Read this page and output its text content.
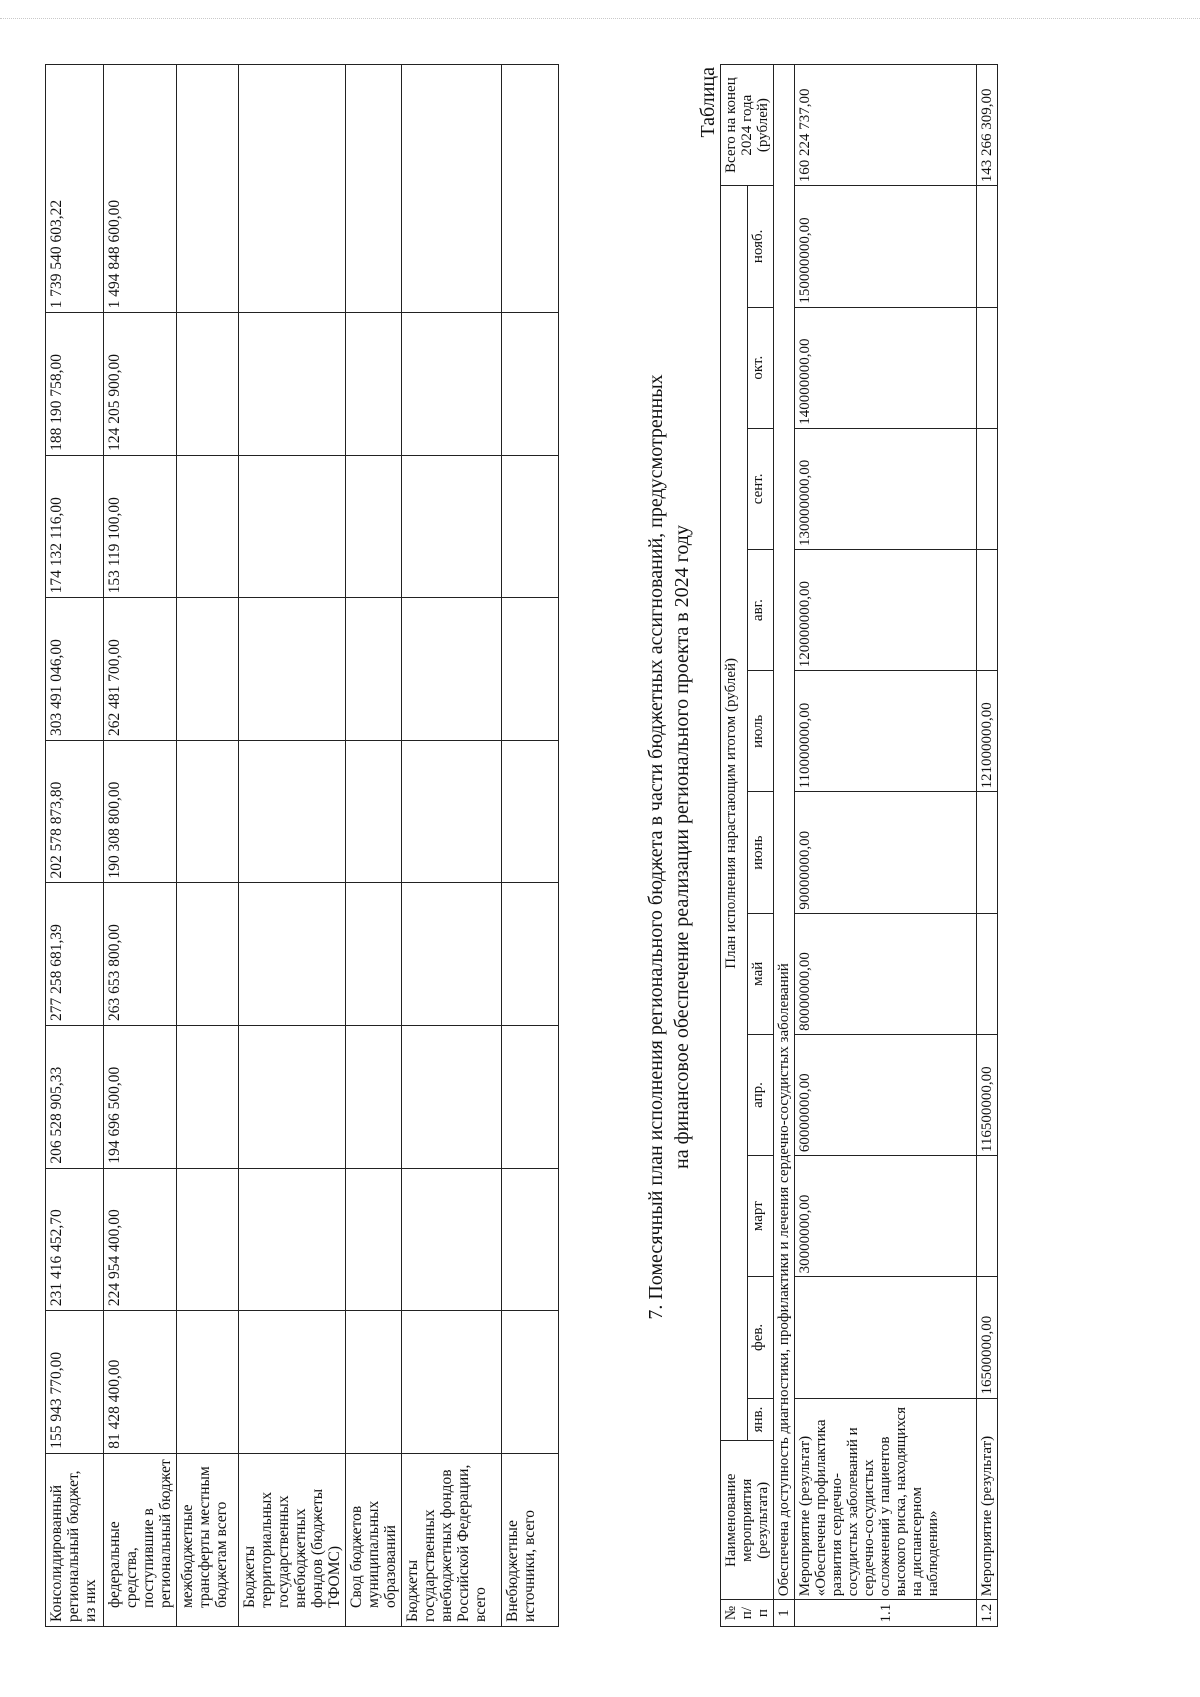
Консолидированный региональный бюджет, из них	155 943 770,00	231 416 452,70	206 528 905,33	277 258 681,39	202 578 873,80	303 491 046,00	174 132 116,00	188 190 758,00	1 739 540 603,22
федеральные средства, поступившие в региональный бюджет	81 428 400,00	224 954 400,00	194 696 500,00	263 653 800,00	190 308 800,00	262 481 700,00	153 119 100,00	124 205 900,00	1 494 848 600,00
межбюджетные трансферты местным бюджетам всего									
Бюджеты территориальных государственных внебюджетных фондов (бюджеты ТФОМС)									
Свод бюджетов муниципальных образований									
Бюджеты государственных внебюджетных фондов Российской Федерации, всего									
Внебюджетные источники, всего									
7. Помесячный план исполнения регионального бюджета в части бюджетных ассигнований, предусмотренных на финансовое обеспечение реализации регионального проекта в 2024 году
Таблица
№ п/п	Наименование мероприятия (результата)	План исполнения нарастающим итогом (рублей)											Всего на конец 2024 года (рублей)
		янв.	фев.	март	апр.	май	июнь	июль	авг.	сент.	окт.	нояб.	
1	Обеспечена доступность диагностики, профилактики и лечения сердечно-сосудистых заболеваний												
1.1	Мероприятие (результат) «Обеспечена профилактика развития сердечно-сосудистых заболеваний и сердечно-сосудистых осложнений у пациентов высокого риска, находящихся на диспансерном наблюдении»			30000000,00	60000000,00	80000000,00	90000000,00	110000000,00	120000000,00	130000000,00	140000000,00	150000000,00	160 224 737,00
1.2	Мероприятие (результат)		16500000,00		116500000,00			121000000,00					143 266 309,00
